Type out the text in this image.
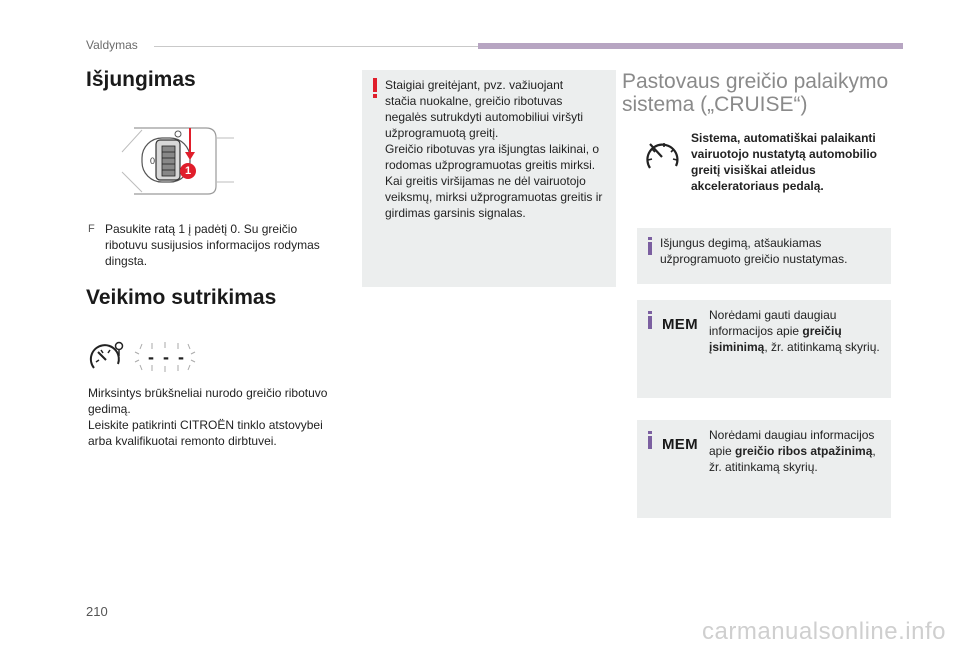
Valdymas
Išjungimas
0
1
F Pasukite ratą 1 į padėtį 0. Su greičio ribotuvu susijusios informacijos rodymas dingsta.
Veikimo sutrikimas
- - -
Mirksintys brūkšneliai nurodo greičio ribotuvo gedimą.
Leiskite patikrinti CITROËN tinklo atstovybei arba kvalifikuotai remonto dirbtuvei.
Staigiai greitėjant, pvz. važiuojant
stačia nuokalne, greičio ribotuvas
negalės sutrukdyti automobiliui viršyti
užprogramuotą greitį.
Greičio ribotuvas yra išjungtas laikinai, o
rodomas užprogramuotas greitis mirksi.
Kai greitis viršijamas ne dėl vairuotojo
veiksmų, mirksi užprogramuotas greitis ir
girdimas garsinis signalas.
Pastovaus greičio palaikymo
sistema („CRUISE“)
Sistema, automatiškai palaikanti
vairuotojo nustatytą automobilio
greitį visiškai atleidus
akceleratoriaus pedalą.
Išjungus degimą, atšaukiamas
užprogramuoto greičio nustatymas.
MEM
Norėdami gauti daugiau
informacijos apie greičių
įsiminimą, žr. atitinkamą skyrių.
MEM
Norėdami daugiau informacijos
apie greičio ribos atpažinimą,
žr. atitinkamą skyrių.
210
carmanualsonline.info
